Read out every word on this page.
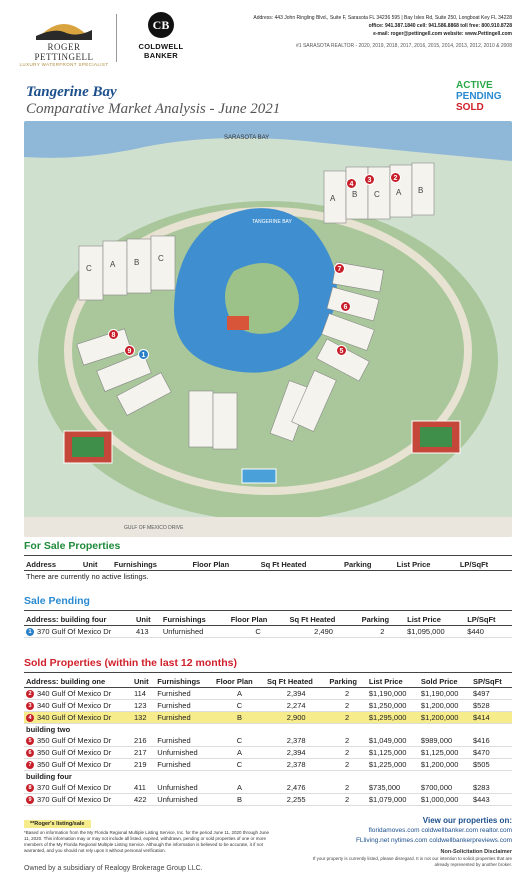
ROGER PETTINGELL
LUXURY WATERFRONT SPECIALIST
CB
COLDWELL BANKER
Address: 443 John Ringling Blvd., Suite F, Sarasota FL 34236 595 | Bay Isles Rd, Suite 250, Longboat Key FL 34228
office: 941.387.1840 cell: 941.586.8868 toll free: 800.910.8728
e-mail: roger@pettingell.com website: www.Pettingell.com
#1 SARASOTA REALTOR - 2020, 2019, 2018, 2017, 2016, 2015, 2014, 2013, 2012, 2010 & 2008
Tangerine Bay
Comparative Market Analysis - June 2021
ACTIVE
PENDING
SOLD
SARASOTA BAY
TANGERINE BAY
GULF OF MEXICO DRIVE
A B C A B
C A B C
4
3	2
7
6
5
8
9
1
For Sale Properties
Address	Unit	Furnishings	Floor Plan	Sq Ft Heated	Parking	List Price	LP/SqFt
There are currently no active listings.
Sale Pending
Address: building four	Unit	Furnishings	Floor Plan	Sq Ft Heated	Parking	List Price	LP/SqFt
1 370 Gulf Of Mexico Dr	413	Unfurnished	C	2,490	2	$1,095,000	$440
Sold Properties (within the last 12 months)
Address: building one	Unit	Furnishings	Floor Plan	Sq Ft Heated	Parking	List Price	Sold Price	SP/SqFt
2 340 Gulf Of Mexico Dr	114	Furnished	A	2,394	2	$1,190,000	$1,190,000	$497
3 340 Gulf Of Mexico Dr	123	Furnished	C	2,274	2	$1,250,000	$1,200,000	$528
4 340 Gulf Of Mexico Dr	132	Furnished	B	2,900	2	$1,295,000	$1,200,000	$414
building two								
5 350 Gulf Of Mexico Dr	216	Furnished	C	2,378	2	$1,049,000	$989,000	$416
6 350 Gulf Of Mexico Dr	217	Unfurnished	A	2,394	2	$1,125,000	$1,125,000	$470
7 350 Gulf Of Mexico Dr	219	Furnished	C	2,378	2	$1,225,000	$1,200,000	$505
building four								
8 370 Gulf Of Mexico Dr	411	Unfurnished	A	2,476	2	$735,000	$700,000	$283
9 370 Gulf Of Mexico Dr	422	Unfurnished	B	2,255	2	$1,079,000	$1,000,000	$443
**Roger's listing/sale
*Based on information from the My Florida Regional Multiple Listing Service, Inc. for the period June 11, 2020 through June 11, 2020. This information may or may not include all listed, expired, withdrawn, pending or sold properties of one or more members of the My Florida Regional Multiple Listing Service. Although the information is believed to be accurate, it if not warranted, and you should not rely upon it without personal verification.
Owned by a subsidiary of Realogy Brokerage Group LLC.
View our properties on:
floridamoves.com coldwellbanker.com realtor.com
FLliving.net nytimes.com coldwellbankerpreviews.com
Non-Solicitation Disclaimer
If your property is currently listed, please disregard. It is not our intention to solicit properties that are already represented by another broker.
